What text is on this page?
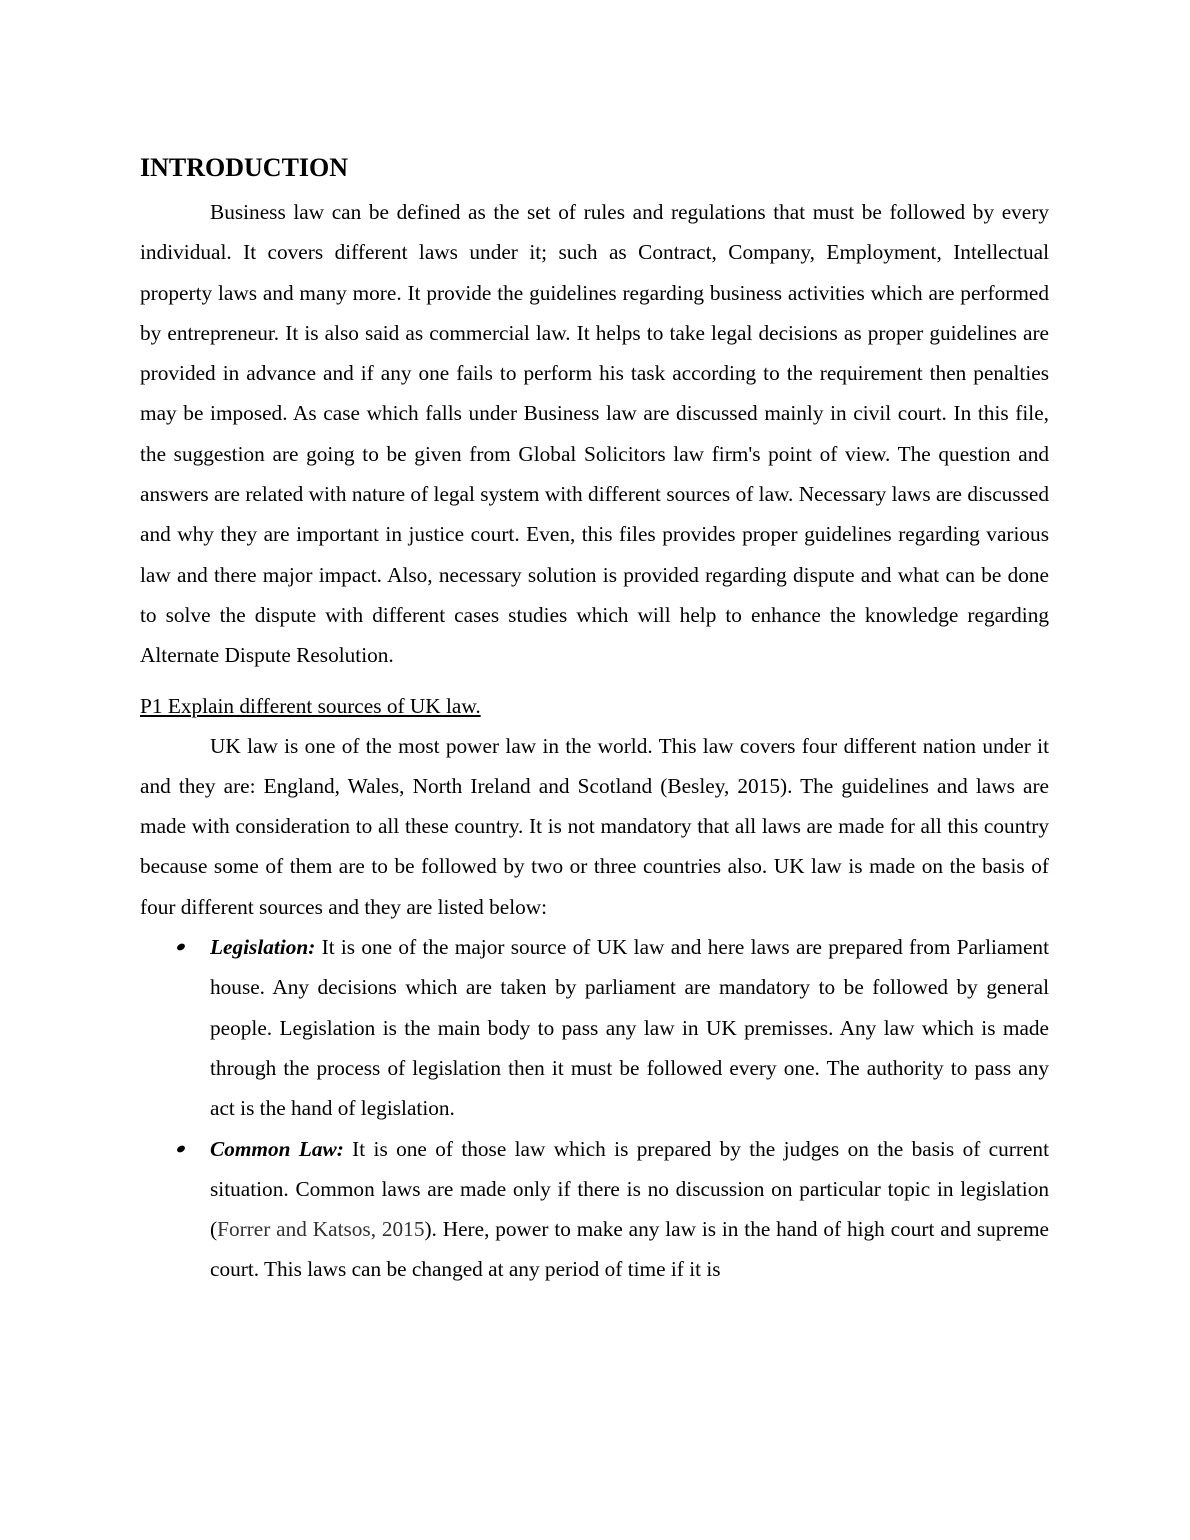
INTRODUCTION

Business law can be defined as the set of rules and regulations that must be followed by every individual. It covers different laws under it; such as Contract, Company, Employment, Intellectual property laws and many more. It provide the guidelines regarding business activities which are performed by entrepreneur. It is also said as commercial law. It helps to take legal decisions as proper guidelines are provided in advance and if any one fails to perform his task according to the requirement then penalties may be imposed. As case which falls under Business law are discussed mainly in civil court. In this file, the suggestion are going to be given from Global Solicitors law firm's point of view. The question and answers are related with nature of legal system with different sources of law. Necessary laws are discussed and why they are important in justice court. Even, this files provides proper guidelines regarding various law and there major impact. Also, necessary solution is provided regarding dispute and what can be done to solve the dispute with different cases studies which will help to enhance the knowledge regarding Alternate Dispute Resolution.

P1 Explain different sources of UK law.

UK law is one of the most power law in the world. This law covers four different nation under it and they are: England, Wales, North Ireland and Scotland (Besley, 2015). The guidelines and laws are made with consideration to all these country. It is not mandatory that all laws are made for all this country because some of them are to be followed by two or three countries also. UK law is made on the basis of four different sources and they are listed below:

Legislation: It is one of the major source of UK law and here laws are prepared from Parliament house. Any decisions which are taken by parliament are mandatory to be followed by general people. Legislation is the main body to pass any law in UK premisses. Any law which is made through the process of legislation then it must be followed every one. The authority to pass any act is the hand of legislation.
Common Law: It is one of those law which is prepared by the judges on the basis of current situation. Common laws are made only if there is no discussion on particular topic in legislation (Forrer and Katsos, 2015). Here, power to make any law is in the hand of high court and supreme court. This laws can be changed at any period of time if it is
